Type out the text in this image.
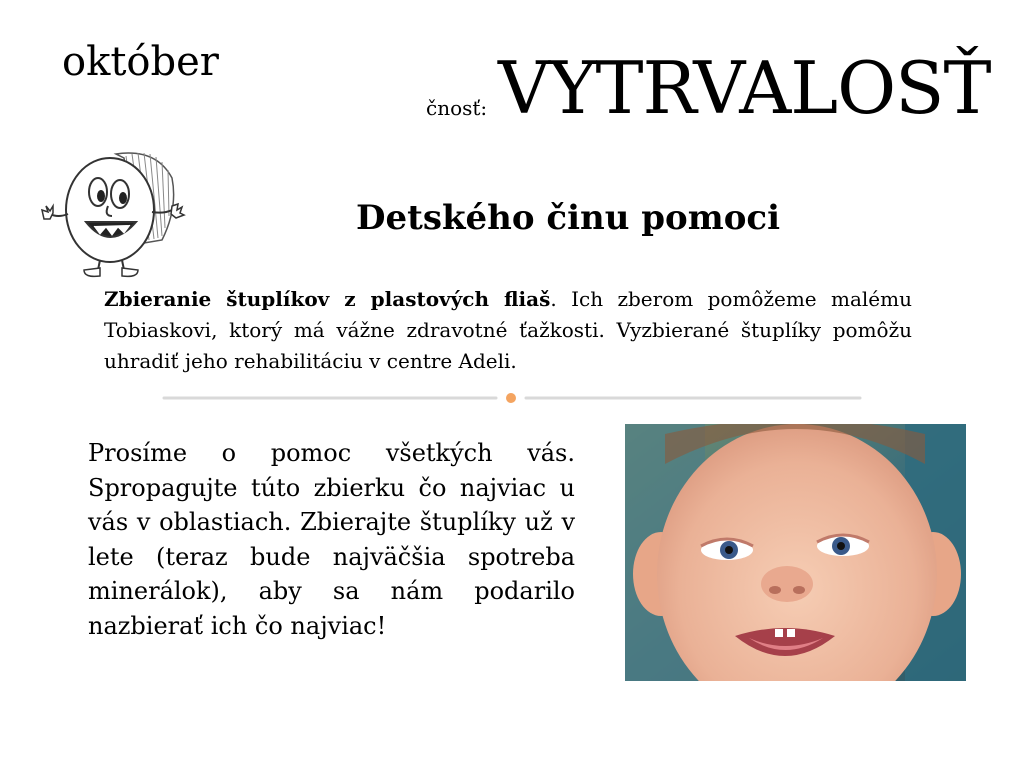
október
čnosť: VYTRVALOSŤ
Detského činu pomoci
Zbieranie štuplíkov z plastových fliaš. Ich zberom pomôžeme malému Tobiaskovi, ktorý má vážne zdravotné ťažkosti. Vyzbierané štuplíky pomôžu uhradiť jeho rehabilitáciu v centre Adeli.
Prosíme o pomoc všetkých vás. Spropagujte túto zbierku čo najviac u vás v oblastiach. Zbierajte štuplíky už v lete (teraz bude najväčšia spotreba minerálok), aby sa nám podarilo nazbierať ich čo najviac!
